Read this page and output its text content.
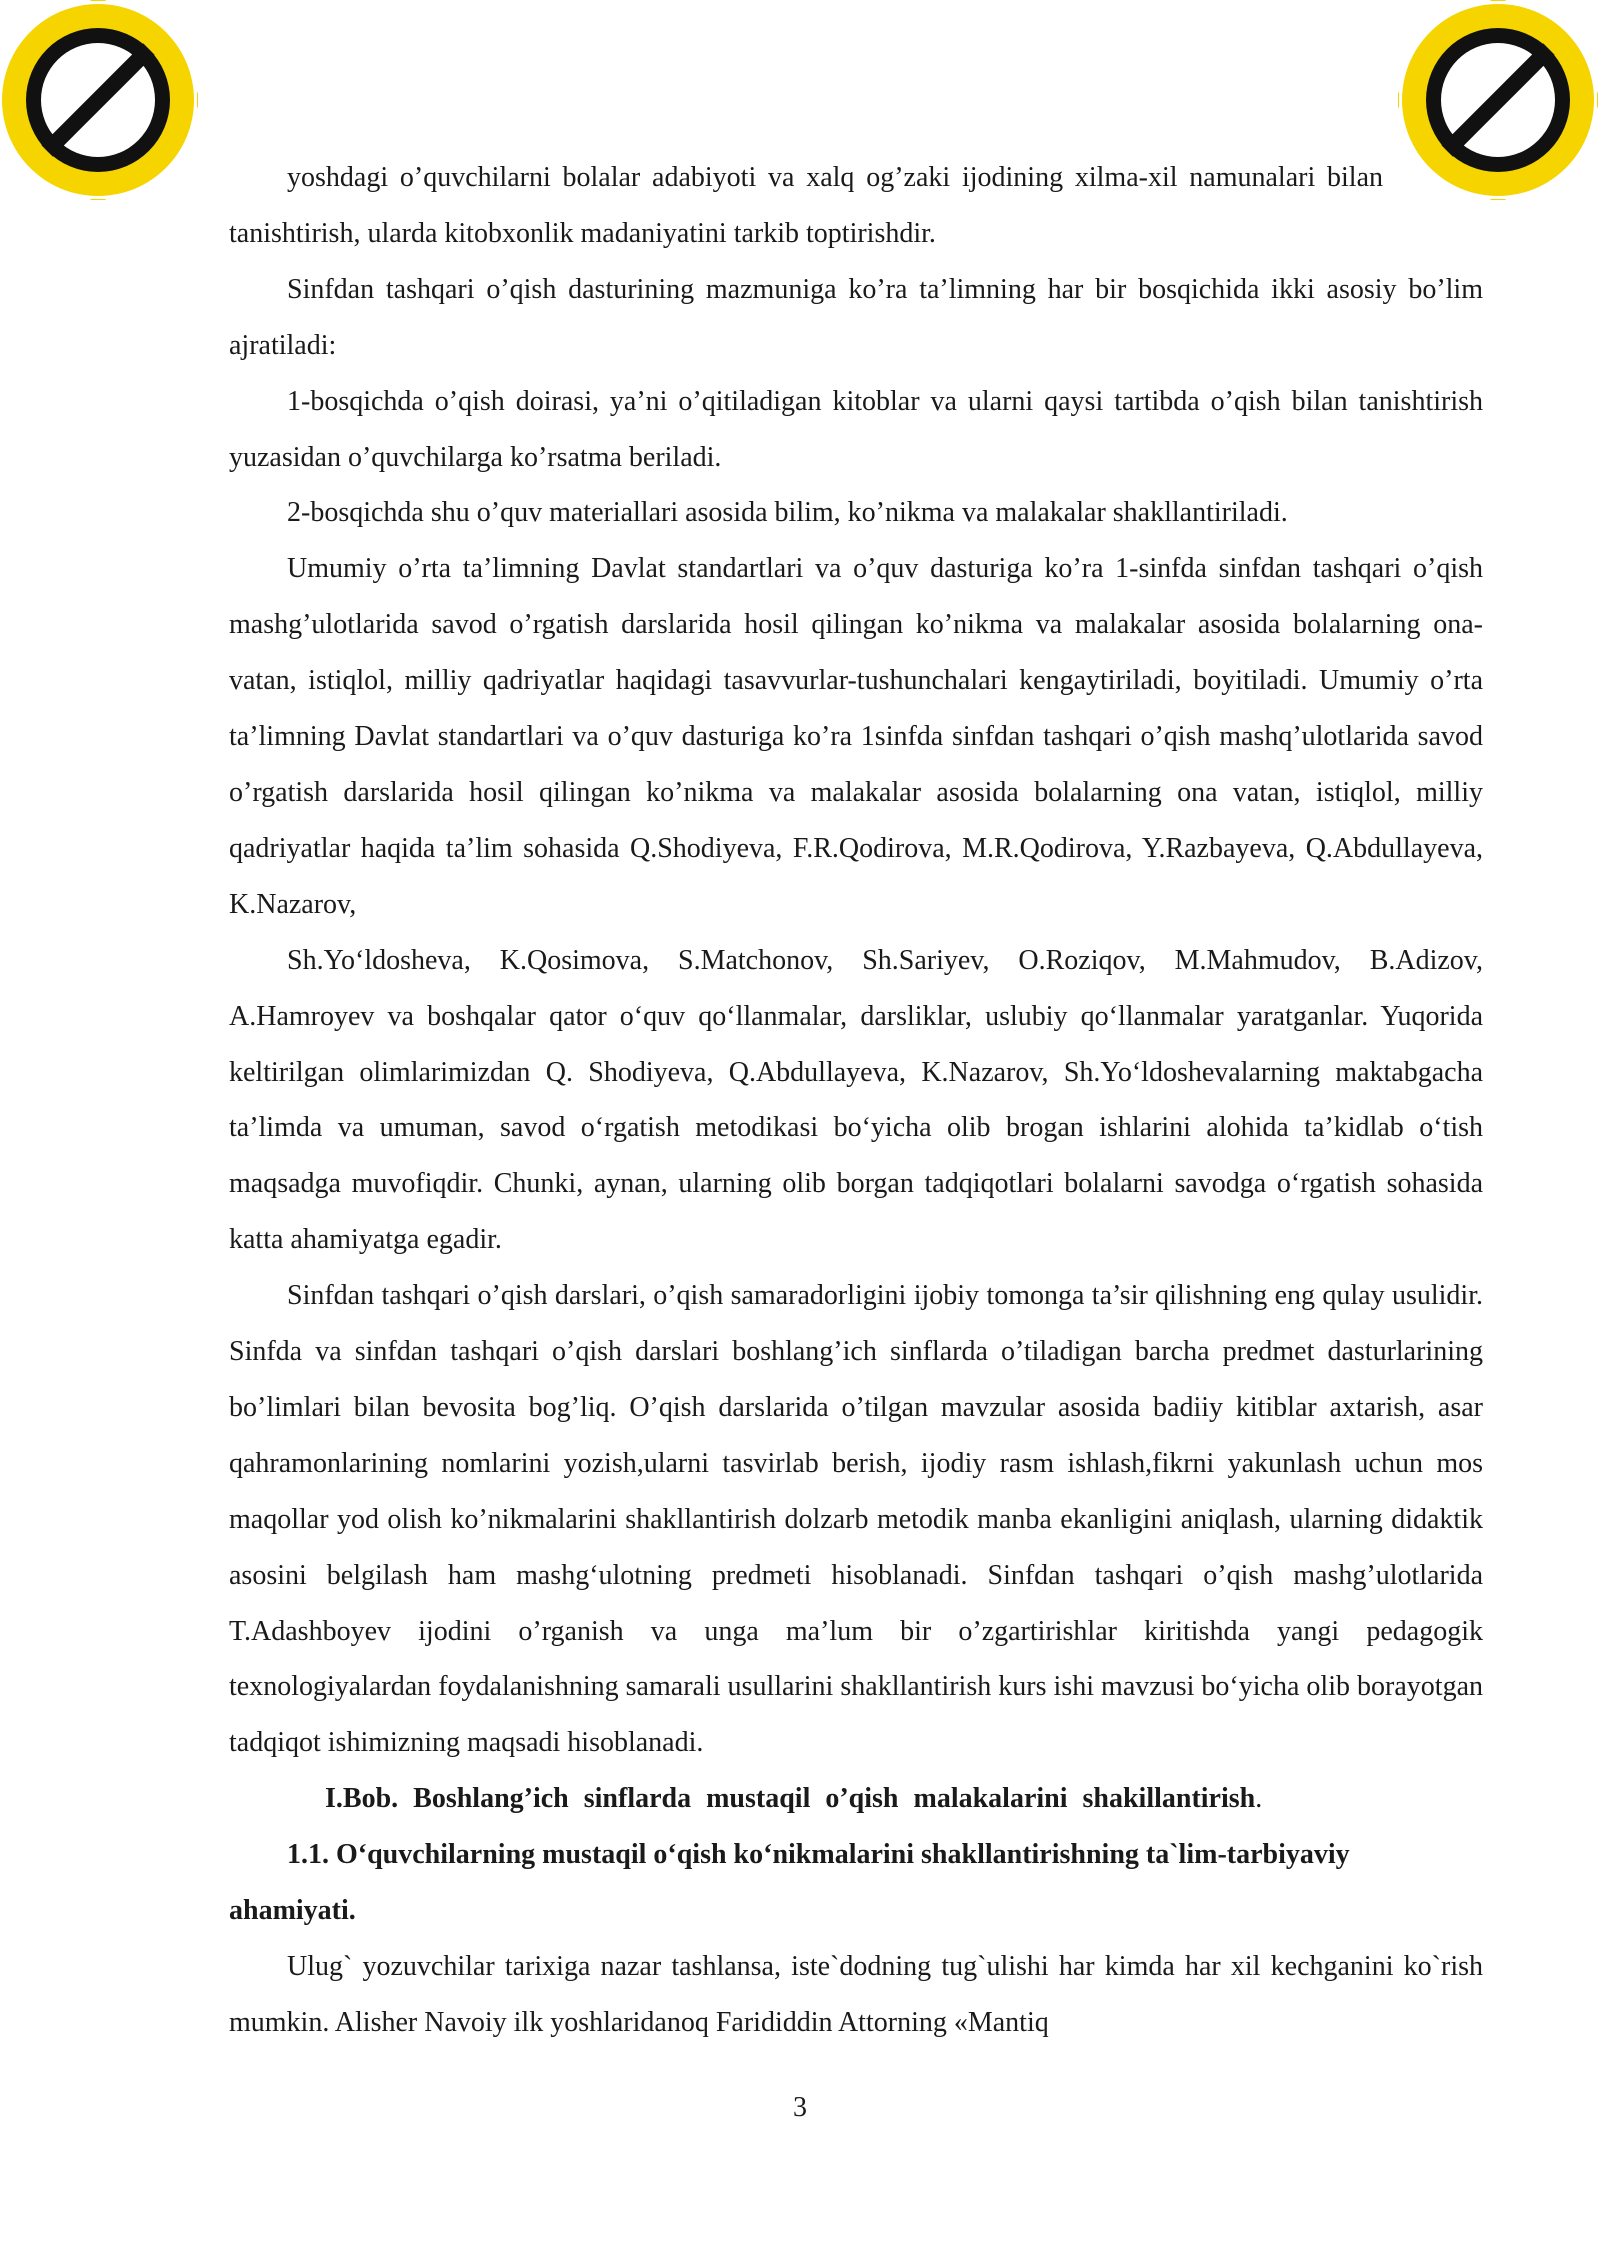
yoshdagi o’quvchilarni bolalar adabiyoti va xalq og’zaki ijodining xilma-xil namunalari bilan tanishtirish, ularda kitobxonlik madaniyatini tarkib toptirishdir.

Sinfdan tashqari o’qish dasturining mazmuniga ko’ra ta’limning har bir bosqichida ikki asosiy bo’lim ajratiladi:

1-bosqichda o’qish doirasi, ya’ni o’qitiladigan kitoblar va ularni qaysi tartibda o’qish bilan tanishtirish yuzasidan o’quvchilarga ko’rsatma beriladi.

2-bosqichda shu o’quv materiallari asosida bilim, ko’nikma va malakalar shakllantiriladi.

Umumiy o’rta ta’limning Davlat standartlari va o’quv dasturiga ko’ra 1-sinfda sinfdan tashqari o’qish mashg’ulotlarida savod o’rgatish darslarida hosil qilingan ko’nikma va malakalar asosida bolalarning ona-vatan, istiqlol, milliy qadriyatlar haqidagi tasavvurlar-tushunchalari kengaytiriladi, boyitiladi. Umumiy o’rta ta’limning Davlat standartlari va o’quv dasturiga ko’ra 1sinfda sinfdan tashqari o’qish mashq’ulotlarida savod o’rgatish darslarida hosil qilingan ko’nikma va malakalar asosida bolalarning ona vatan, istiqlol, milliy qadriyatlar haqida ta’lim sohasida Q.Shodiyeva, F.R.Qodirova, M.R.Qodirova, Y.Razbayeva, Q.Abdullayeva, K.Nazarov,

Sh.Yo‘ldosheva, K.Qosimova, S.Matchonov, Sh.Sariyev, O.Roziqov, M.Mahmudov, B.Adizov, A.Hamroyev va boshqalar qator o‘quv qo‘llanmalar, darsliklar, uslubiy qo‘llanmalar yaratganlar. Yuqorida keltirilgan olimlarimizdan Q. Shodiyeva, Q.Abdullayeva, K.Nazarov, Sh.Yo‘ldoshevalarning maktabgacha ta’limda va umuman, savod o‘rgatish metodikasi bo‘yicha olib brogan ishlarini alohida ta’kidlab o‘tish maqsadga muvofiqdir. Chunki, aynan, ularning olib borgan tadqiqotlari bolalarni savodga o‘rgatish sohasida katta ahamiyatga egadir.

Sinfdan tashqari o’qish darslari, o’qish samaradorligini ijobiy tomonga ta’sir qilishning eng qulay usulidir. Sinfda va sinfdan tashqari o’qish darslari boshlang’ich sinflarda o’tiladigan barcha predmet dasturlarining bo’limlari bilan bevosita bog’liq. O’qish darslarida o’tilgan mavzular asosida badiiy kitiblar axtarish, asar qahramonlarining nomlarini yozish,ularni tasvirlab berish, ijodiy rasm ishlash,fikrni yakunlash uchun mos maqollar yod olish ko’nikmalarini shakllantirish dolzarb metodik manba ekanligini aniqlash, ularning didaktik asosini belgilash ham mashg‘ulotning predmeti hisoblanadi. Sinfdan tashqari o’qish mashg’ulotlarida T.Adashboyev ijodini o’rganish va unga ma’lum bir o’zgartirishlar kiritishda yangi pedagogik texnologiyalardan foydalanishning samarali usullarini shakllantirish kurs ishi mavzusi bo‘yicha olib borayotgan tadqiqot ishimizning maqsadi hisoblanadi.

I.Bob. Boshlang’ich sinflarda mustaqil o’qish malakalarini shakillantirish.

1.1. O‘quvchilarning mustaqil o‘qish ko‘nikmalarini shakllantirishning ta`lim-tarbiyaviy ahamiyati.

Ulug` yozuvchilar tarixiga nazar tashlansa, iste`dodning tug`ulishi har kimda har xil kechganini ko`rish mumkin. Alisher Navoiy ilk yoshlaridanoq Farididdin Attorning «Mantiq

3
